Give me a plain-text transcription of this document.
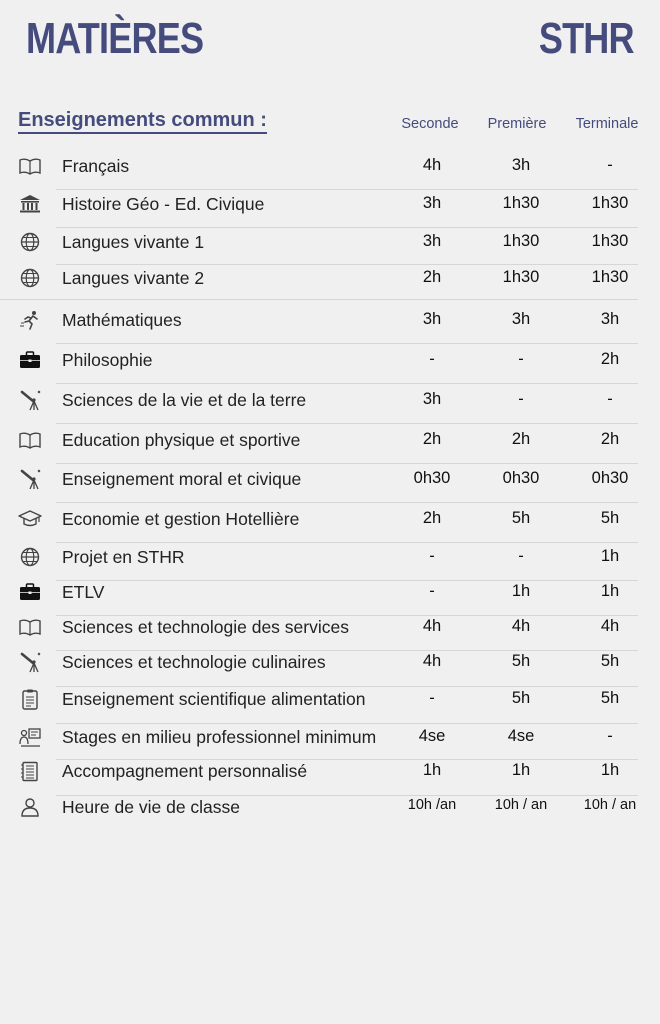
MATIÈRES	STHR
Enseignements commun :	Seconde	Première	Terminale
Français	4h	3h	-
Histoire Géo - Ed. Civique	3h	1h30	1h30
Langues vivante 1	3h	1h30	1h30
Langues vivante 2	2h	1h30	1h30
Mathématiques	3h	3h	3h
Philosophie	-	-	2h
Sciences de la vie et de la terre	3h	-	-
Education physique et sportive	2h	2h	2h
Enseignement moral et civique	0h30	0h30	0h30
Economie et gestion Hotellière	2h	5h	5h
Projet en STHR	-	-	1h
ETLV	-	1h	1h
Sciences et technologie des services	4h	4h	4h
Sciences et technologie culinaires	4h	5h	5h
Enseignement scientifique alimentation	-	5h	5h
Stages en milieu professionnel minimum	4se	4se	-
Accompagnement personnalisé	1h	1h	1h
Heure de vie de classe	10h /an	10h / an	10h / an
